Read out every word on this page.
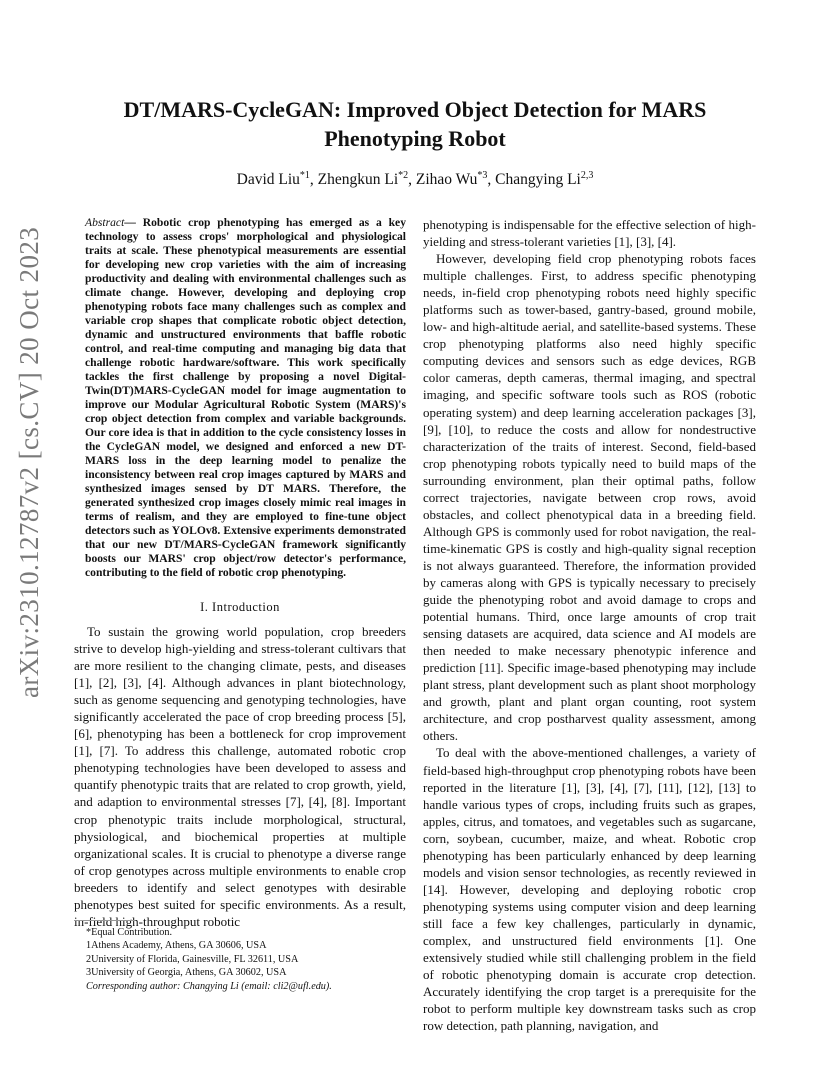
arXiv:2310.12787v2 [cs.CV] 20 Oct 2023
DT/MARS-CycleGAN: Improved Object Detection for MARS
Phenotyping Robot

David Liu$^{*1}$, Zhengkun Li$^{*2}$, Zihao Wu$^{*3}$, Changying Li$^{2,3}$

Abstract— Robotic crop phenotyping has emerged as a key technology to assess crops' morphological and physiological traits at scale. These phenotypical measurements are essential for developing new crop varieties with the aim of increasing productivity and dealing with environmental challenges such as climate change. However, developing and deploying crop phenotyping robots face many challenges such as complex and variable crop shapes that complicate robotic object detection, dynamic and unstructured environments that baffle robotic control, and real-time computing and managing big data that challenge robotic hardware/software. This work specifically tackles the first challenge by proposing a novel Digital-Twin(DT)MARS-CycleGAN model for image augmentation to improve our Modular Agricultural Robotic System (MARS)'s crop object detection from complex and variable backgrounds. Our core idea is that in addition to the cycle consistency losses in the CycleGAN model, we designed and enforced a new DT-MARS loss in the deep learning model to penalize the inconsistency between real crop images captured by MARS and synthesized images sensed by DT MARS. Therefore, the generated synthesized crop images closely mimic real images in terms of realism, and they are employed to fine-tune object detectors such as YOLOv8. Extensive experiments demonstrated that our new DT/MARS-CycleGAN framework significantly boosts our MARS' crop object/row detector's performance, contributing to the field of robotic crop phenotyping.

I. Introduction

To sustain the growing world population, crop breeders strive to develop high-yielding and stress-tolerant cultivars that are more resilient to the changing climate, pests, and diseases [1], [2], [3], [4]. Although advances in plant biotechnology, such as genome sequencing and genotyping technologies, have significantly accelerated the pace of crop breeding process [5], [6], phenotyping has been a bottleneck for crop improvement [1], [7]. To address this challenge, automated robotic crop phenotyping technologies have been developed to assess and quantify phenotypic traits that are related to crop growth, yield, and adaption to environmental stresses [7], [4], [8]. Important crop phenotypic traits include morphological, structural, physiological, and biochemical properties at multiple organizational scales. It is crucial to phenotype a diverse range of crop genotypes across multiple environments to enable crop breeders to identify and select genotypes with desirable phenotypes best suited for specific environments. As a result, in-field high-throughput robotic

*Equal Contribution.
1Athens Academy, Athens, GA 30606, USA
2University of Florida, Gainesville, FL 32611, USA
3University of Georgia, Athens, GA 30602, USA
Corresponding author: Changying Li (email: cli2@ufl.edu).

phenotyping is indispensable for the effective selection of high-yielding and stress-tolerant varieties [1], [3], [4].

However, developing field crop phenotyping robots faces multiple challenges. First, to address specific phenotyping needs, in-field crop phenotyping robots need highly specific platforms such as tower-based, gantry-based, ground mobile, low- and high-altitude aerial, and satellite-based systems. These crop phenotyping platforms also need highly specific computing devices and sensors such as edge devices, RGB color cameras, depth cameras, thermal imaging, and spectral imaging, and specific software tools such as ROS (robotic operating system) and deep learning acceleration packages [3], [9], [10], to reduce the costs and allow for nondestructive characterization of the traits of interest. Second, field-based crop phenotyping robots typically need to build maps of the surrounding environment, plan their optimal paths, follow correct trajectories, navigate between crop rows, avoid obstacles, and collect phenotypical data in a breeding field. Although GPS is commonly used for robot navigation, the real-time-kinematic GPS is costly and high-quality signal reception is not always guaranteed. Therefore, the information provided by cameras along with GPS is typically necessary to precisely guide the phenotyping robot and avoid damage to crops and potential humans. Third, once large amounts of crop trait sensing datasets are acquired, data science and AI models are then needed to make necessary phenotypic inference and prediction [11]. Specific image-based phenotyping may include plant stress, plant development such as plant shoot morphology and growth, plant and plant organ counting, root system architecture, and crop postharvest quality assessment, among others.

To deal with the above-mentioned challenges, a variety of field-based high-throughput crop phenotyping robots have been reported in the literature [1], [3], [4], [7], [11], [12], [13] to handle various types of crops, including fruits such as grapes, apples, citrus, and tomatoes, and vegetables such as sugarcane, corn, soybean, cucumber, maize, and wheat. Robotic crop phenotyping has been particularly enhanced by deep learning models and vision sensor technologies, as recently reviewed in [14]. However, developing and deploying robotic crop phenotyping systems using computer vision and deep learning still face a few key challenges, particularly in dynamic, complex, and unstructured field environments [1]. One extensively studied while still challenging problem in the field of robotic phenotyping domain is accurate crop detection. Accurately identifying the crop target is a prerequisite for the robot to perform multiple key downstream tasks such as crop row detection, path planning, navigation, and
